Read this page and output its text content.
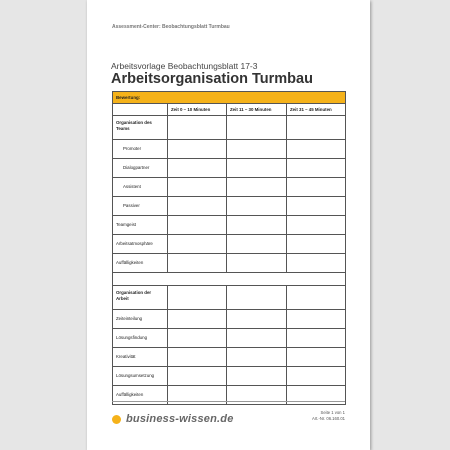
Assessment-Center: Beobachtungsblatt Turmbau
Arbeitsvorlage Beobachtungsblatt 17-3
Arbeitsorganisation Turmbau
Bewertung:			
	Zeit 0 – 10 Minuten	Zeit 11 – 30 Minuten	Zeit 31 – 45 Minuten
Organisation des Teams			
Promoter			
Dialogpartner			
Assistent			
Passiver			
Teamgeist			
Arbeitsatmosphäre			
Auffälligkeiten			

Organisation der Arbeit			
Zeiteinteilung			
Lösungsfindung			
Kreativität			
Lösungsumsetzung			
Auffälligkeiten			
business-wissen.de
Seite 1 von 1
Art.-Nr. 06.160.01
